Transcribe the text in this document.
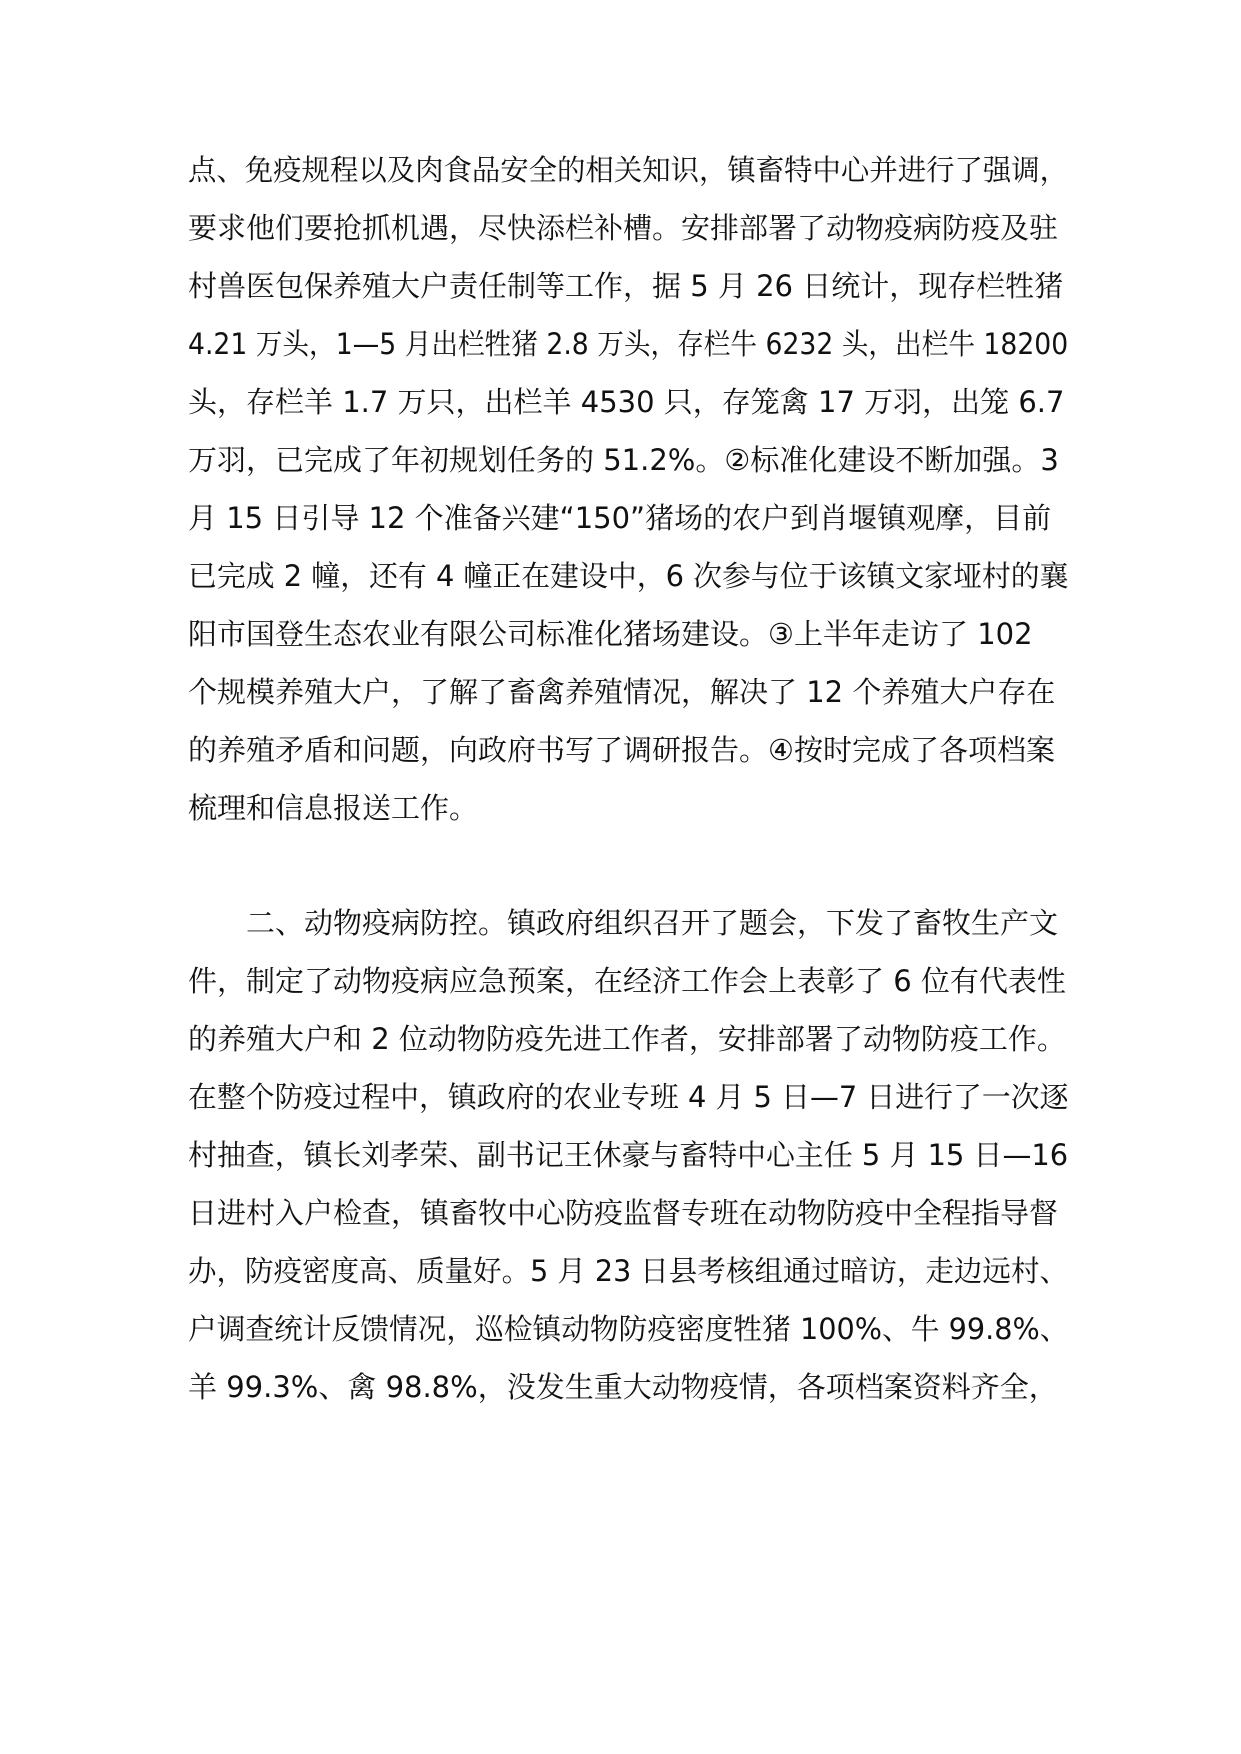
点、免疫规程以及肉食品安全的相关知识，镇畜特中心并进行了强调，
要求他们要抢抓机遇，尽快添栏补槽。安排部署了动物疫病防疫及驻
村兽医包保养殖大户责任制等工作，据 5 月 26 日统计，现存栏牲猪
4.21 万头，1—5 月出栏牲猪 2.8 万头，存栏牛 6232 头，出栏牛 18200
头，存栏羊 1.7 万只，出栏羊 4530 只，存笼禽 17 万羽，出笼 6.7
万羽，已完成了年初规划任务的 51.2%。②标准化建设不断加强。3
月 15 日引导 12 个准备兴建“150”猪场的农户到肖堰镇观摩，目前
已完成 2 幢，还有 4 幢正在建设中，6 次参与位于该镇文家垭村的襄
阳市国登生态农业有限公司标准化猪场建设。③上半年走访了 102
个规模养殖大户，了解了畜禽养殖情况，解决了 12 个养殖大户存在
的养殖矛盾和问题，向政府书写了调研报告。④按时完成了各项档案
梳理和信息报送工作。
二、动物疫病防控。镇政府组织召开了题会，下发了畜牧生产文
件，制定了动物疫病应急预案，在经济工作会上表彰了 6 位有代表性
的养殖大户和 2 位动物防疫先进工作者，安排部署了动物防疫工作。
在整个防疫过程中，镇政府的农业专班 4 月 5 日—7 日进行了一次逐
村抽查，镇长刘孝荣、副书记王休豪与畜特中心主任 5 月 15 日—16
日进村入户检查，镇畜牧中心防疫监督专班在动物防疫中全程指导督
办，防疫密度高、质量好。5 月 23 日县考核组通过暗访，走边远村、
户调查统计反馈情况，巡检镇动物防疫密度牲猪 100%、牛 99.8%、
羊 99.3%、禽 98.8%，没发生重大动物疫情，各项档案资料齐全，
